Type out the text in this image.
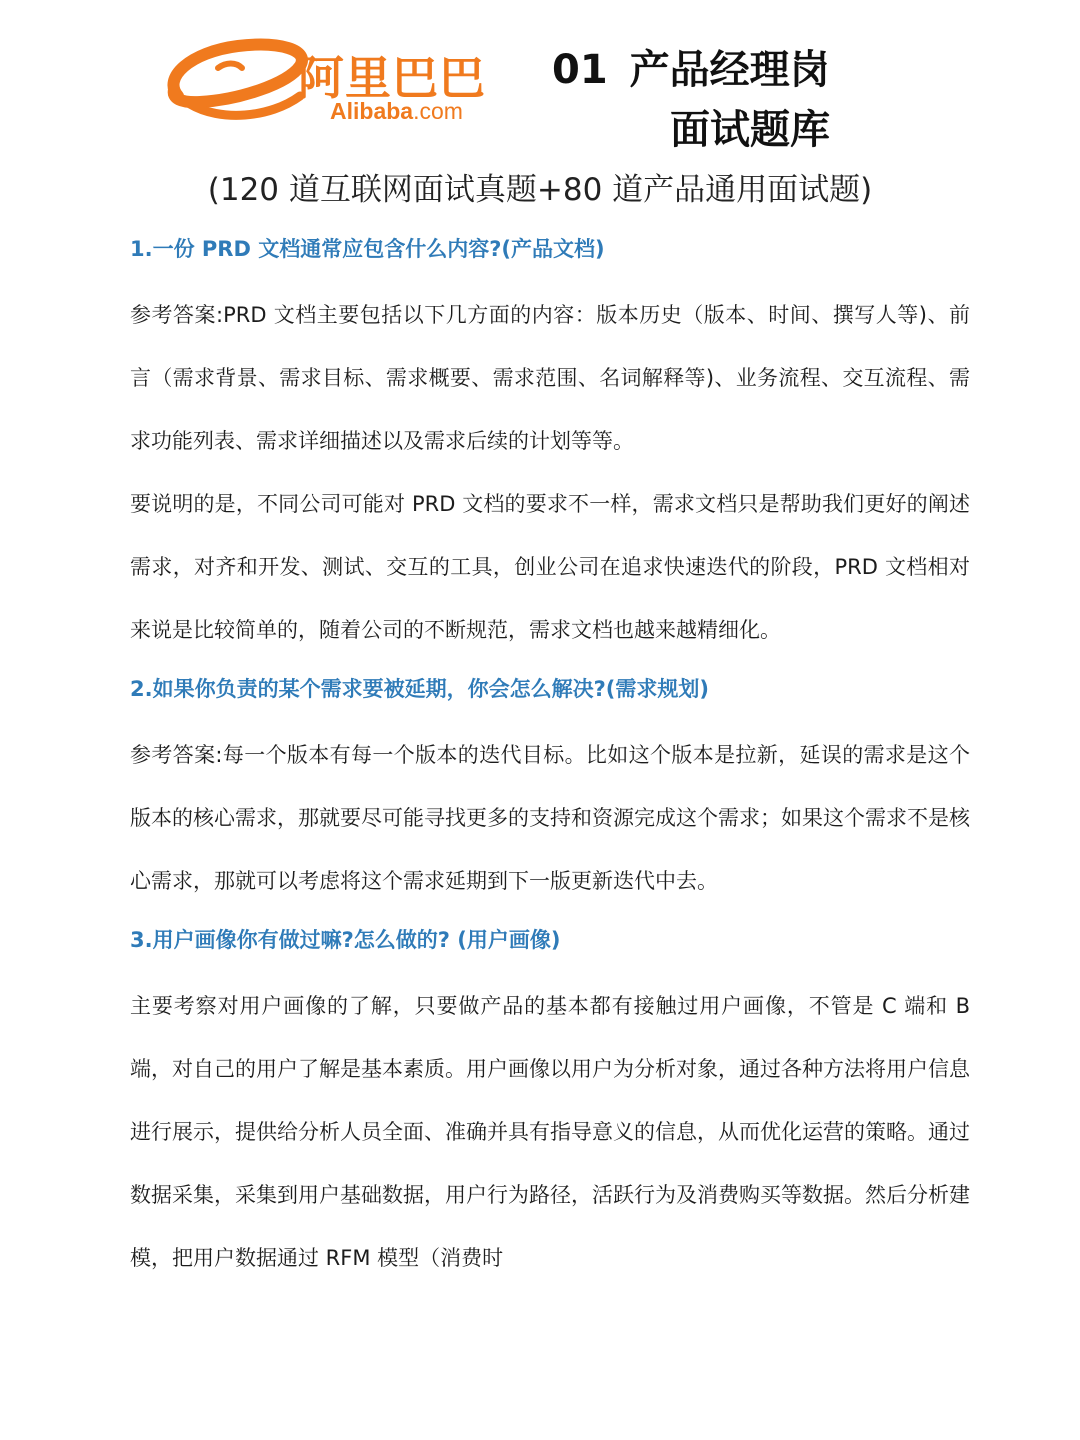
阿里巴巴
Alibaba.com
01 产品经理岗
面试题库
(120 道互联网面试真题+80 道产品通用面试题)
1.一份 PRD 文档通常应包含什么内容?(产品文档)

参考答案:PRD 文档主要包括以下几方面的内容：版本历史（版本、时间、撰写人等)、前言（需求背景、需求目标、需求概要、需求范围、名词解释等)、业务流程、交互流程、需求功能列表、需求详细描述以及需求后续的计划等等。

要说明的是，不同公司可能对 PRD 文档的要求不一样，需求文档只是帮助我们更好的阐述需求，对齐和开发、测试、交互的工具，创业公司在追求快速迭代的阶段，PRD 文档相对来说是比较简单的，随着公司的不断规范，需求文档也越来越精细化。

2.如果你负责的某个需求要被延期，你会怎么解决?(需求规划)

参考答案:每一个版本有每一个版本的迭代目标。比如这个版本是拉新，延误的需求是这个版本的核心需求，那就要尽可能寻找更多的支持和资源完成这个需求；如果这个需求不是核心需求，那就可以考虑将这个需求延期到下一版更新迭代中去。

3.用户画像你有做过嘛?怎么做的? (用户画像)

主要考察对用户画像的了解，只要做产品的基本都有接触过用户画像，不管是 C 端和 B 端，对自己的用户了解是基本素质。用户画像以用户为分析对象，通过各种方法将用户信息进行展示，提供给分析人员全面、准确并具有指导意义的信息，从而优化运营的策略。通过数据采集，采集到用户基础数据，用户行为路径，活跃行为及消费购买等数据。然后分析建模，把用户数据通过 RFM 模型（消费时
